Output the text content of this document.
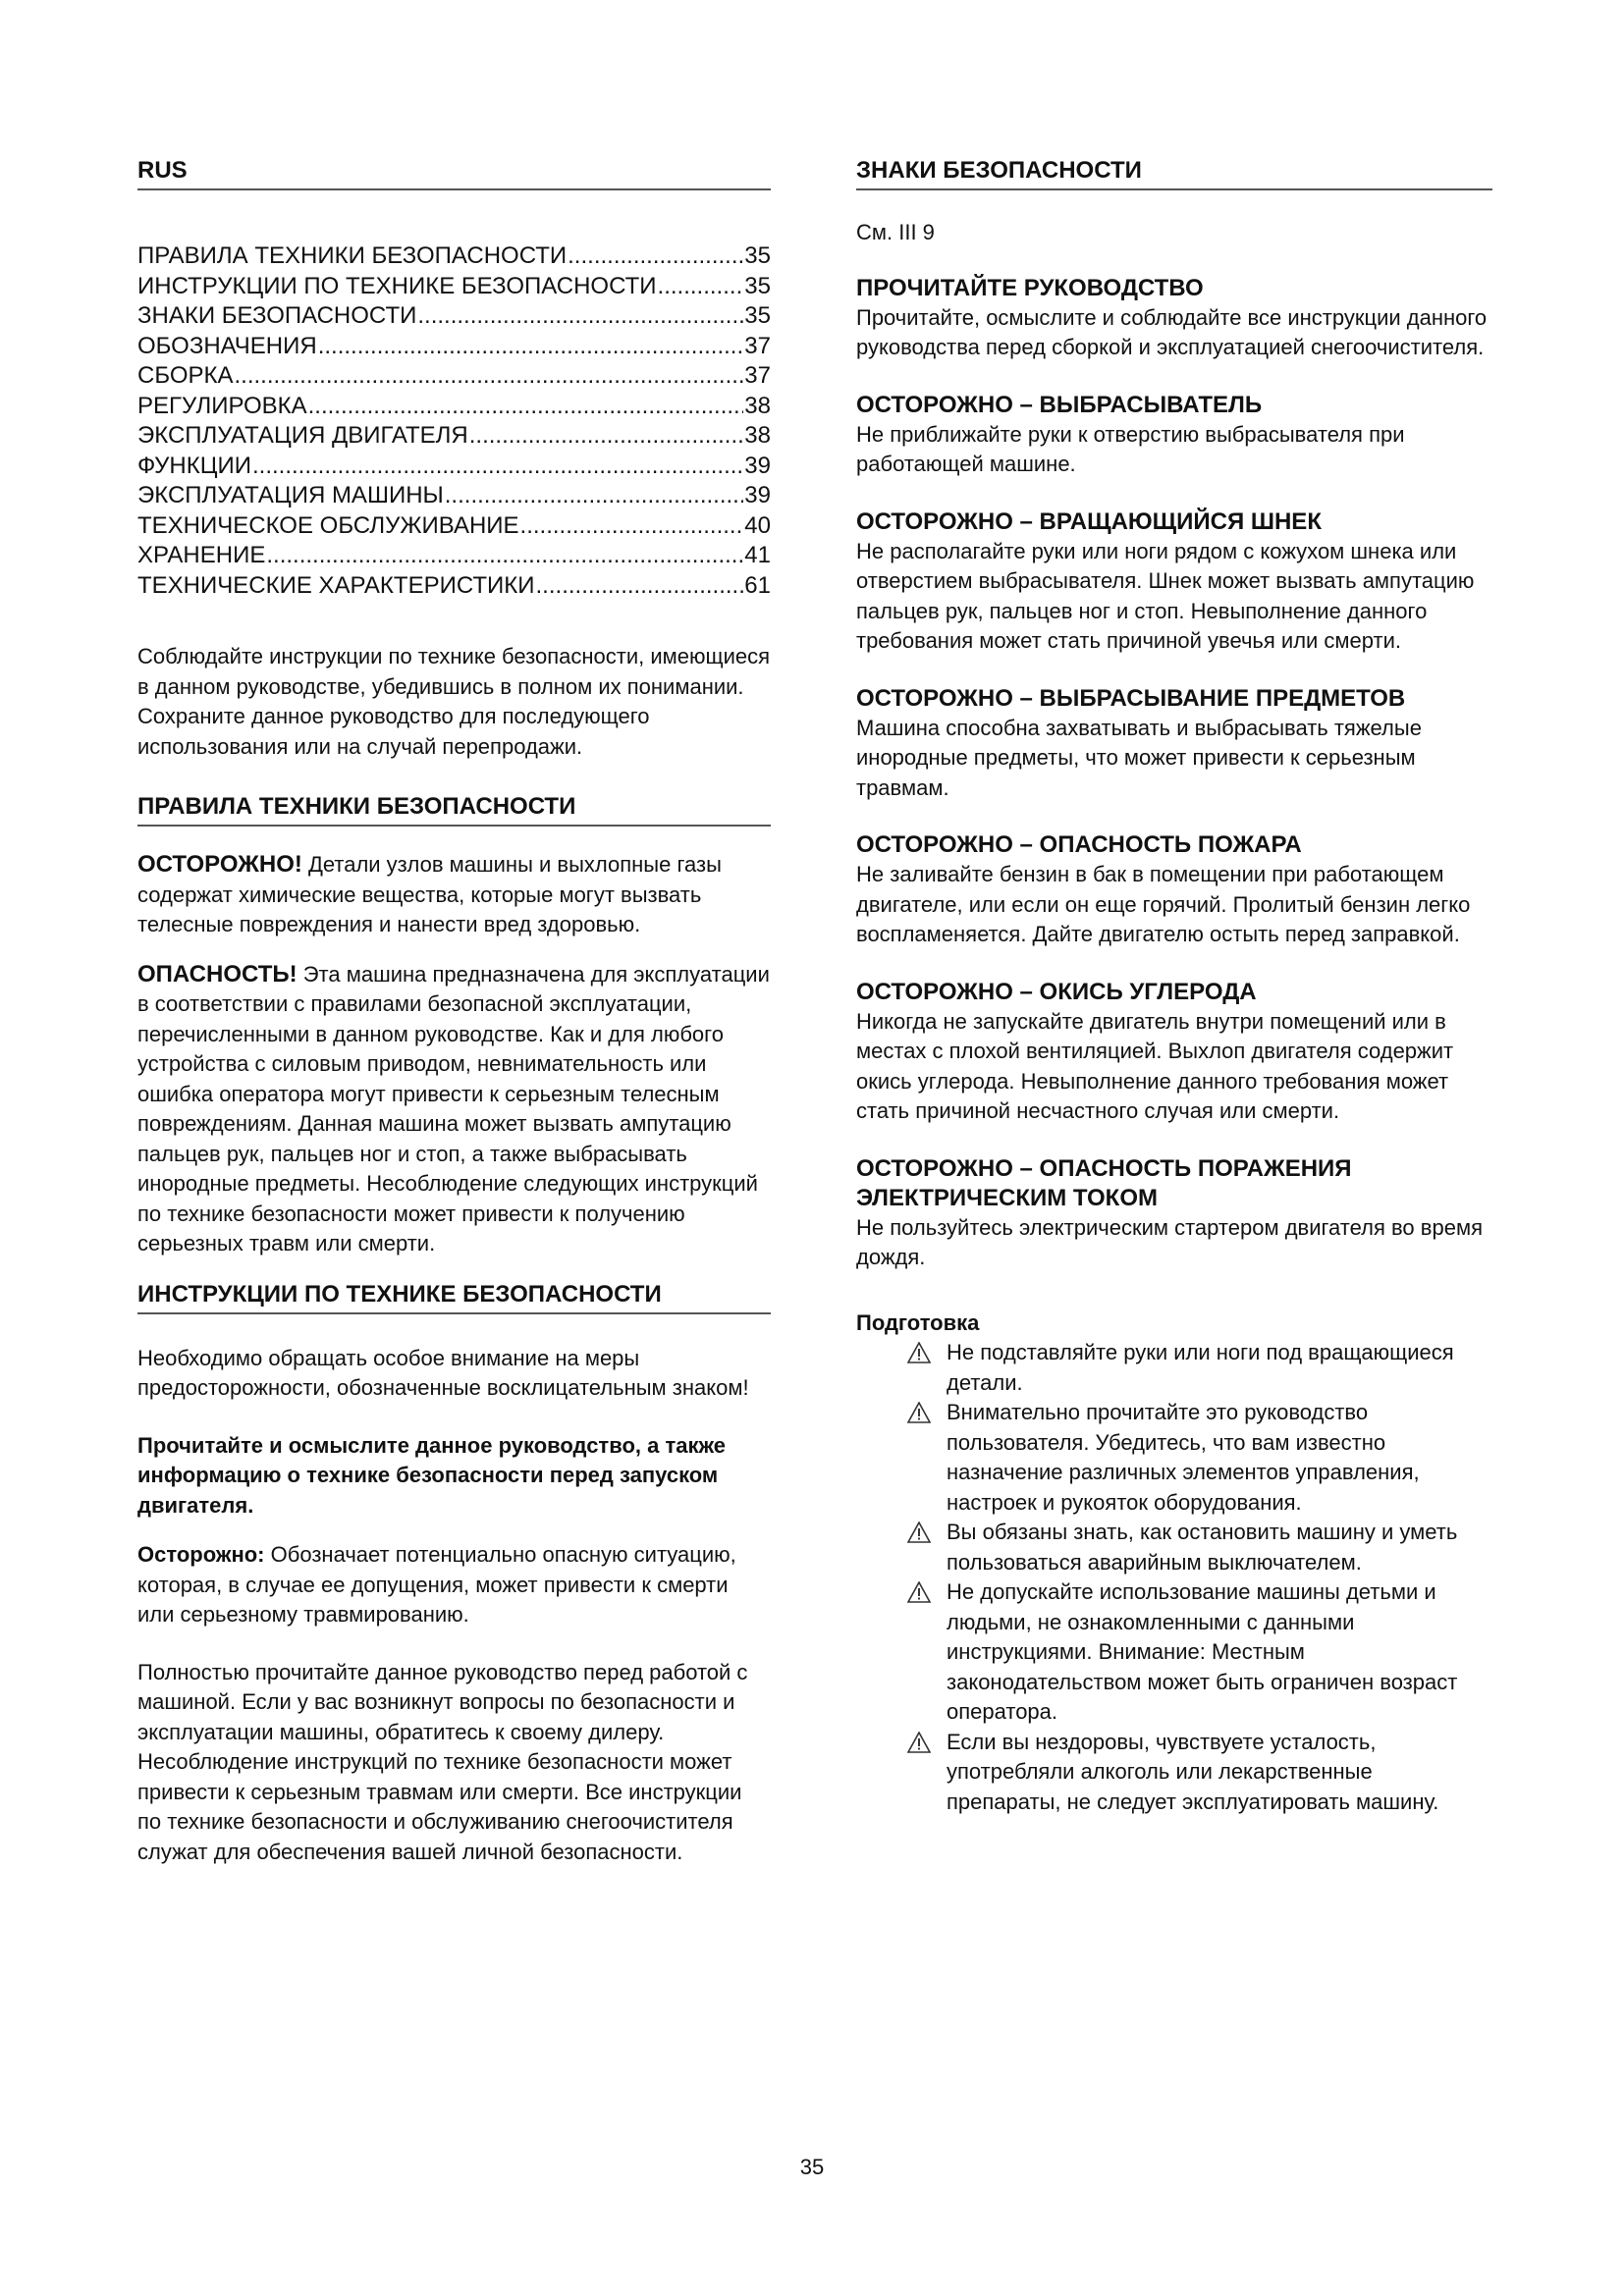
RUS
ПРАВИЛА ТЕХНИКИ БЕЗОПАСНОСТИ .....	35
ИНСТРУКЦИИ ПО ТЕХНИКЕ БЕЗОПАСНОСТИ .....	35
ЗНАКИ БЕЗОПАСНОСТИ .....	35
ОБОЗНАЧЕНИЯ .....	37
СБОРКА .....	37
РЕГУЛИРОВКА .....	38
ЭКСПЛУАТАЦИЯ ДВИГАТЕЛЯ .....	38
ФУНКЦИИ .....	39
ЭКСПЛУАТАЦИЯ МАШИНЫ .....	39
ТЕХНИЧЕСКОЕ ОБСЛУЖИВАНИЕ .....	40
ХРАНЕНИЕ .....	41
ТЕХНИЧЕСКИЕ ХАРАКТЕРИСТИКИ .....	61

Соблюдайте инструкции по технике безопасности, имеющиеся в данном руководстве, убедившись в полном их понимании. Сохраните данное руководство для последующего использования или на случай перепродажи.

ПРАВИЛА ТЕХНИКИ БЕЗОПАСНОСТИ

ОСТОРОЖНО! Детали узлов машины и выхлопные газы содержат химические вещества, которые могут вызвать телесные повреждения и нанести вред здоровью.

ОПАСНОСТЬ! Эта машина предназначена для эксплуатации в соответствии с правилами безопасной эксплуатации, перечисленными в данном руководстве. Как и для любого устройства с силовым приводом, невнимательность или ошибка оператора могут привести к серьезным телесным повреждениям. Данная машина может вызвать ампутацию пальцев рук, пальцев ног и стоп, а также выбрасывать инородные предметы. Несоблюдение следующих инструкций по технике безопасности может привести к получению серьезных травм или смерти.

ИНСТРУКЦИИ ПО ТЕХНИКЕ БЕЗОПАСНОСТИ

Необходимо обращать особое внимание на меры предосторожности, обозначенные восклицательным знаком!

Прочитайте и осмыслите данное руководство, а также информацию о технике безопасности перед запуском двигателя.

Осторожно: Обозначает потенциально опасную ситуацию, которая, в случае ее допущения, может привести к смерти или серьезному травмированию.

Полностью прочитайте данное руководство перед работой с машиной. Если у вас возникнут вопросы по безопасности и эксплуатации машины, обратитесь к своему дилеру. Несоблюдение инструкций по технике безопасности может привести к серьезным травмам или смерти. Все инструкции по технике безопасности и обслуживанию снегоочистителя служат для обеспечения вашей личной безопасности.

ЗНАКИ БЕЗОПАСНОСТИ

См. III 9

ПРОЧИТАЙТЕ РУКОВОДСТВО

Прочитайте, осмыслите и соблюдайте все инструкции данного руководства перед сборкой и эксплуатацией снегоочистителя.

ОСТОРОЖНО – ВЫБРАСЫВАТЕЛЬ

Не приближайте руки к отверстию выбрасывателя при работающей машине.

ОСТОРОЖНО – ВРАЩАЮЩИЙСЯ ШНЕК

Не располагайте руки или ноги рядом с кожухом шнека или отверстием выбрасывателя. Шнек может вызвать ампутацию пальцев рук, пальцев ног и стоп. Невыполнение данного требования может стать причиной увечья или смерти.

ОСТОРОЖНО – ВЫБРАСЫВАНИЕ ПРЕДМЕТОВ

Машина способна захватывать и выбрасывать тяжелые инородные предметы, что может привести к серьезным травмам.

ОСТОРОЖНО – ОПАСНОСТЬ ПОЖАРА

Не заливайте бензин в бак в помещении при работающем двигателе, или если он еще горячий. Пролитый бензин легко воспламеняется. Дайте двигателю остыть перед заправкой.

ОСТОРОЖНО – ОКИСЬ УГЛЕРОДА

Никогда не запускайте двигатель внутри помещений или в местах с плохой вентиляцией. Выхлоп двигателя содержит окись углерода. Невыполнение данного требования может стать причиной несчастного случая или смерти.

ОСТОРОЖНО – ОПАСНОСТЬ ПОРАЖЕНИЯ ЭЛЕКТРИЧЕСКИМ ТОКОМ

Не пользуйтесь электрическим стартером двигателя во время дождя.

Подготовка

Не подставляйте руки или ноги под вращающиеся детали.
Внимательно прочитайте это руководство пользователя. Убедитесь, что вам известно назначение различных элементов управления, настроек и рукояток оборудования.
Вы обязаны знать, как остановить машину и уметь пользоваться аварийным выключателем.
Не допускайте использование машины детьми и людьми, не ознакомленными с данными инструкциями. Внимание: Местным законодательством может быть ограничен возраст оператора.
Если вы нездоровы, чувствуете усталость, употребляли алкоголь или лекарственные препараты, не следует эксплуатировать машину.
35
